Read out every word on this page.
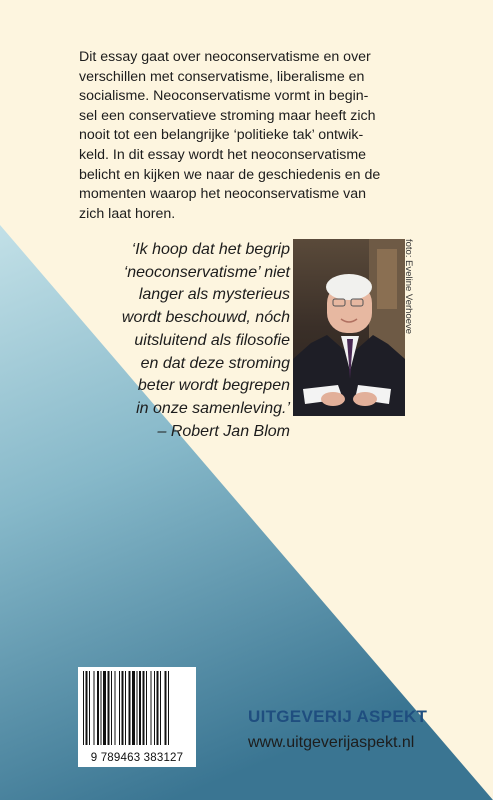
Dit essay gaat over neoconservatisme en over
verschillen met conservatisme, liberalisme en
socialisme. Neoconservatisme vormt in begin-
sel een conservatieve stroming maar heeft zich
nooit tot een belangrijke ‘politieke tak’ ontwik-
keld. In dit essay wordt het neoconservatisme
belicht en kijken we naar de geschiedenis en de
momenten waarop het neoconservatisme van
zich laat horen.

‘Ik hoop dat het begrip
‘neoconservatisme’ niet
langer als mysterieus
wordt beschouwd, nóch
uitsluitend als filosofie
en dat deze stroming
beter wordt begrepen
in onze samenleving.’
– Robert Jan Blom
foto: Eveline Verhoeve
9 789463 383127
UITGEVERIJ ASPEKT
www.uitgeverijaspekt.nl
